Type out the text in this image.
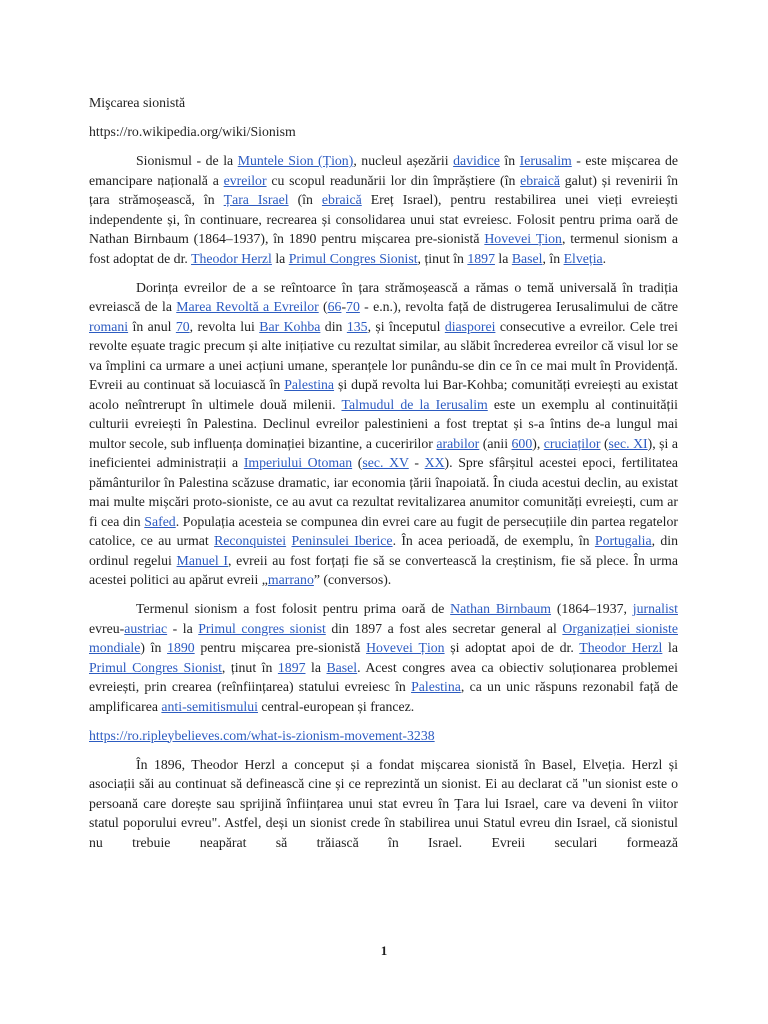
Mişcarea sionistă

https://ro.wikipedia.org/wiki/Sionism

Sionismul - de la Muntele Sion (Țion), nucleul așezării davidice în Ierusalim - este mișcarea de emancipare națională a evreilor cu scopul readunării lor din împrăștiere (în ebraică galut) și revenirii în țara strămoșească, în Țara Israel (în ebraică Ereț Israel), pentru restabilirea unei vieți evreiești independente și, în continuare, recrearea și consolidarea unui stat evreiesc. Folosit pentru prima oară de Nathan Birnbaum (1864–1937), în 1890 pentru mișcarea pre-sionistă Hovevei Țion, termenul sionism a fost adoptat de dr. Theodor Herzl la Primul Congres Sionist, ținut în 1897 la Basel, în Elveția.

Dorința evreilor de a se reîntoarce în țara strămoșească a rămas o temă universală în tradiția evreiască de la Marea Revoltă a Evreilor (66-70 - e.n.), revolta față de distrugerea Ierusalimului de către romani în anul 70, revolta lui Bar Kohba din 135, și începutul diasporei consecutive a evreilor. Cele trei revolte eșuate tragic precum și alte inițiative cu rezultat similar, au slăbit încrederea evreilor că visul lor se va împlini ca urmare a unei acțiuni umane, speranțele lor punându-se din ce în ce mai mult în Providență. Evreii au continuat să locuiască în Palestina și după revolta lui Bar-Kohba; comunități evreiești au existat acolo neîntrerupt în ultimele două milenii. Talmudul de la Ierusalim este un exemplu al continuității culturii evreiești în Palestina. Declinul evreilor palestinieni a fost treptat și s-a întins de-a lungul mai multor secole, sub influența dominației bizantine, a cuceririlor arabilor (anii 600), cruciaților (sec. XI), și a ineficientei administrații a Imperiului Otoman (sec. XV - XX). Spre sfârșitul acestei epoci, fertilitatea pământurilor în Palestina scăzuse dramatic, iar economia țării înapoiată. În ciuda acestui declin, au existat mai multe mișcări proto-sioniste, ce au avut ca rezultat revitalizarea anumitor comunități evreiești, cum ar fi cea din Safed. Populația acesteia se compunea din evrei care au fugit de persecuțiile din partea regatelor catolice, ce au urmat Reconquistei Peninsulei Iberice. În acea perioadă, de exemplu, în Portugalia, din ordinul regelui Manuel I, evreii au fost forțați fie să se convertească la creștinism, fie să plece. În urma acestei politici au apărut evreii „marrano” (conversos).

Termenul sionism a fost folosit pentru prima oară de Nathan Birnbaum (1864–1937, jurnalist evreu-austriac - la Primul congres sionist din 1897 a fost ales secretar general al Organizației sioniste mondiale) în 1890 pentru mișcarea pre-sionistă Hovevei Țion și adoptat apoi de dr. Theodor Herzl la Primul Congres Sionist, ținut în 1897 la Basel. Acest congres avea ca obiectiv soluționarea problemei evreiești, prin crearea (reînființarea) statului evreiesc în Palestina, ca un unic răspuns rezonabil față de amplificarea anti-semitismului central-european și francez.

https://ro.ripleybelieves.com/what-is-zionism-movement-3238

În 1896, Theodor Herzl a conceput și a fondat mișcarea sionistă în Basel, Elveția. Herzl și asociații săi au continuat să definească cine și ce reprezintă un sionist. Ei au declarat că "un sionist este o persoană care dorește sau sprijină înființarea unui stat evreu în Țara lui Israel, care va deveni în viitor statul poporului evreu". Astfel, deși un sionist crede în stabilirea unui Statul evreu din Israel, că sionistul nu trebuie neapărat să trăiască în Israel. Evreii seculari formează

1
